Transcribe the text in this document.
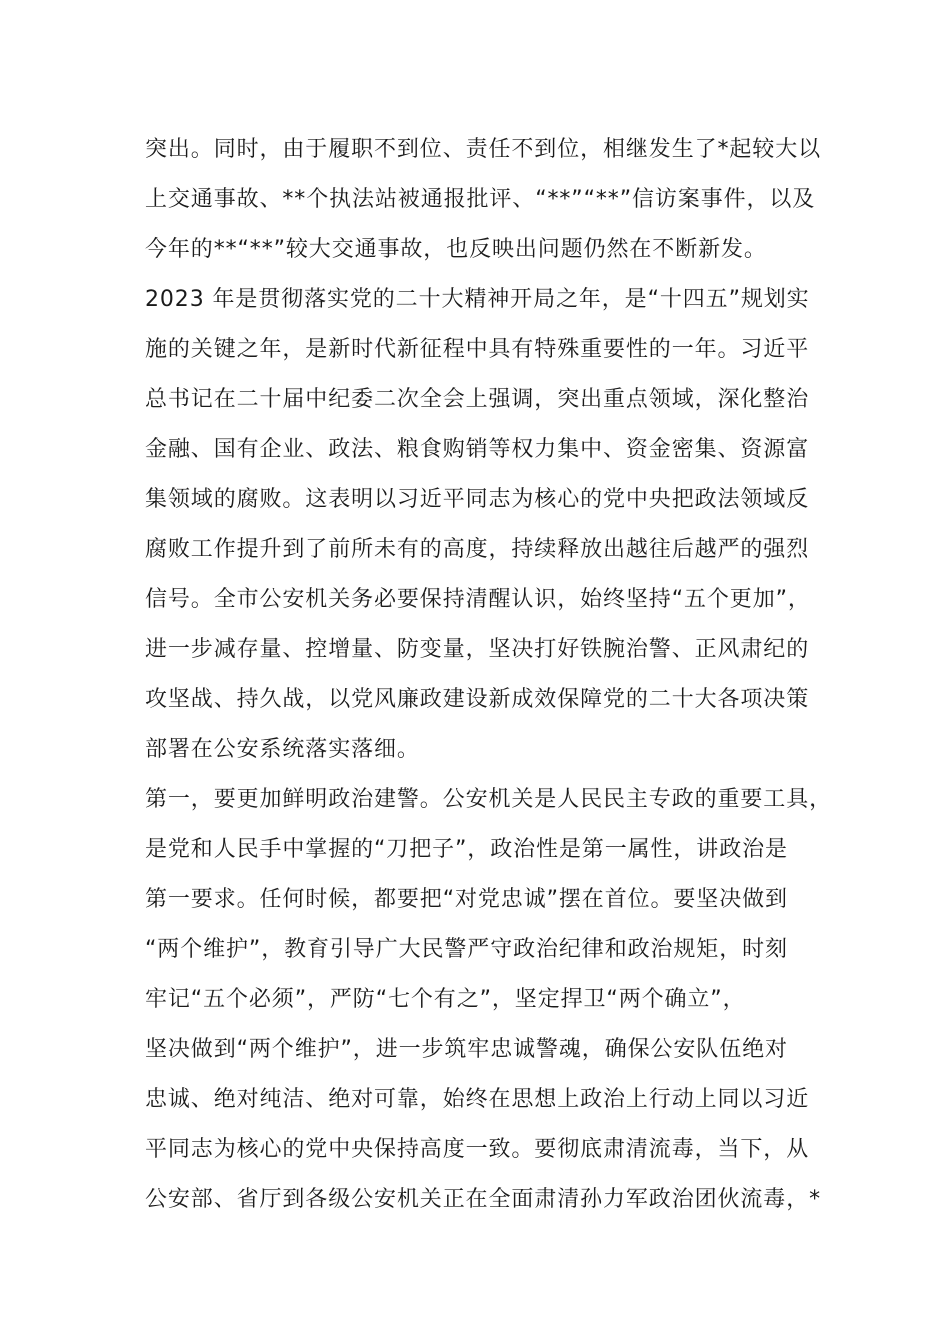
突出。同时，由于履职不到位、责任不到位，相继发生了*起较大以
上交通事故、**个执法站被通报批评、“**”“**”信访案事件，以及
今年的**“**”较大交通事故，也反映出问题仍然在不断新发。
2023 年是贯彻落实党的二十大精神开局之年，是“十四五”规划实
施的关键之年，是新时代新征程中具有特殊重要性的一年。习近平
总书记在二十届中纪委二次全会上强调，突出重点领域，深化整治
金融、国有企业、政法、粮食购销等权力集中、资金密集、资源富
集领域的腐败。这表明以习近平同志为核心的党中央把政法领域反
腐败工作提升到了前所未有的高度，持续释放出越往后越严的强烈
信号。全市公安机关务必要保持清醒认识，始终坚持“五个更加”，
进一步减存量、控增量、防变量，坚决打好铁腕治警、正风肃纪的
攻坚战、持久战，以党风廉政建设新成效保障党的二十大各项决策
部署在公安系统落实落细。
第一，要更加鲜明政治建警。公安机关是人民民主专政的重要工具，
是党和人民手中掌握的“刀把子”，政治性是第一属性，讲政治是
第一要求。任何时候，都要把“对党忠诚”摆在首位。要坚决做到
“两个维护”，教育引导广大民警严守政治纪律和政治规矩，时刻
牢记“五个必须”，严防“七个有之”，坚定捍卫“两个确立”，
坚决做到“两个维护”，进一步筑牢忠诚警魂，确保公安队伍绝对
忠诚、绝对纯洁、绝对可靠，始终在思想上政治上行动上同以习近
平同志为核心的党中央保持高度一致。要彻底肃清流毒，当下，从
公安部、省厅到各级公安机关正在全面肃清孙力军政治团伙流毒，*
